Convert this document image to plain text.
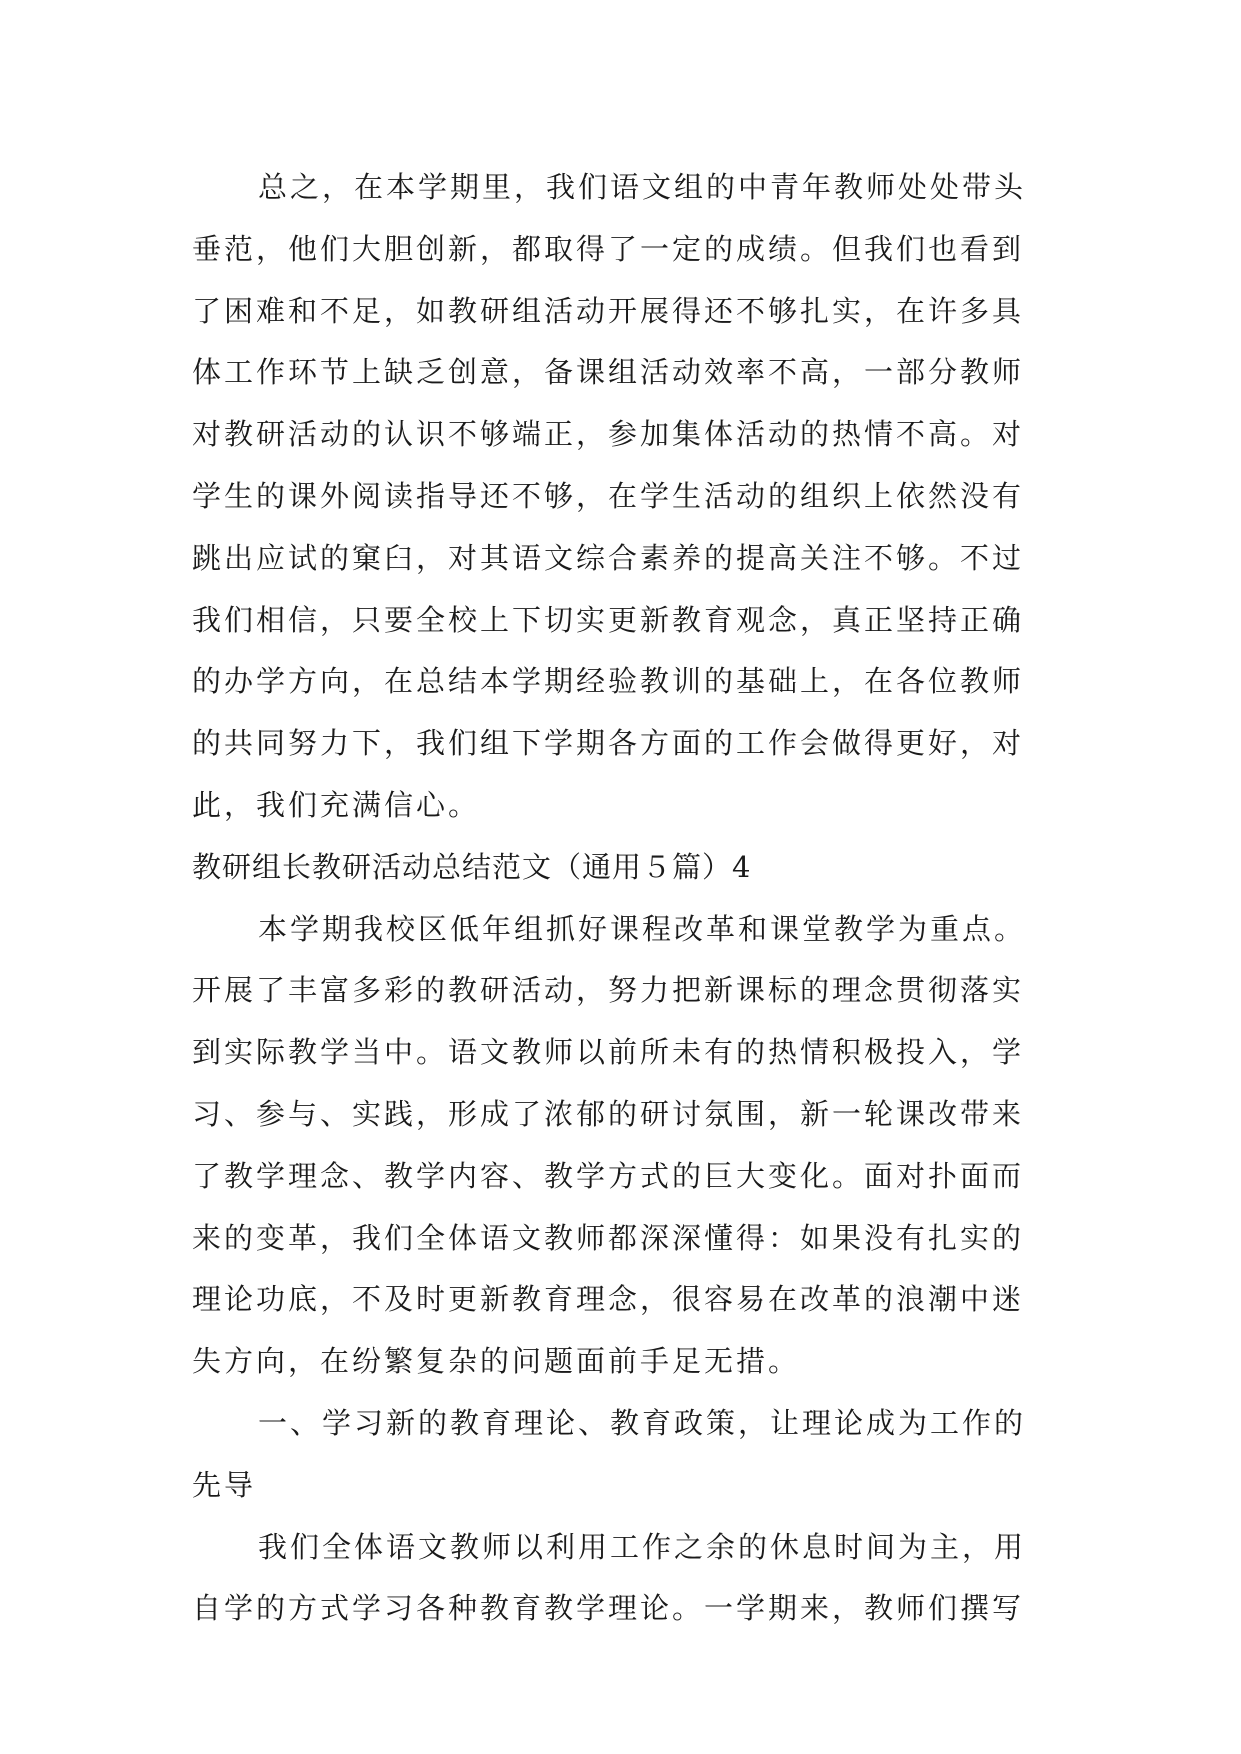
总之，在本学期里，我们语文组的中青年教师处处带头
垂范，他们大胆创新，都取得了一定的成绩。但我们也看到
了困难和不足，如教研组活动开展得还不够扎实，在许多具
体工作环节上缺乏创意，备课组活动效率不高，一部分教师
对教研活动的认识不够端正，参加集体活动的热情不高。对
学生的课外阅读指导还不够，在学生活动的组织上依然没有
跳出应试的窠臼，对其语文综合素养的提高关注不够。不过
我们相信，只要全校上下切实更新教育观念，真正坚持正确
的办学方向，在总结本学期经验教训的基础上，在各位教师
的共同努力下，我们组下学期各方面的工作会做得更好，对
此，我们充满信心。
教研组长教研活动总结范文（通用５篇）4
本学期我校区低年组抓好课程改革和课堂教学为重点。
开展了丰富多彩的教研活动，努力把新课标的理念贯彻落实
到实际教学当中。语文教师以前所未有的热情积极投入，学
习、参与、实践，形成了浓郁的研讨氛围，新一轮课改带来
了教学理念、教学内容、教学方式的巨大变化。面对扑面而
来的变革，我们全体语文教师都深深懂得：如果没有扎实的
理论功底，不及时更新教育理念，很容易在改革的浪潮中迷
失方向，在纷繁复杂的问题面前手足无措。
一、学习新的教育理论、教育政策，让理论成为工作的
先导
我们全体语文教师以利用工作之余的休息时间为主，用
自学的方式学习各种教育教学理论。一学期来，教师们撰写
